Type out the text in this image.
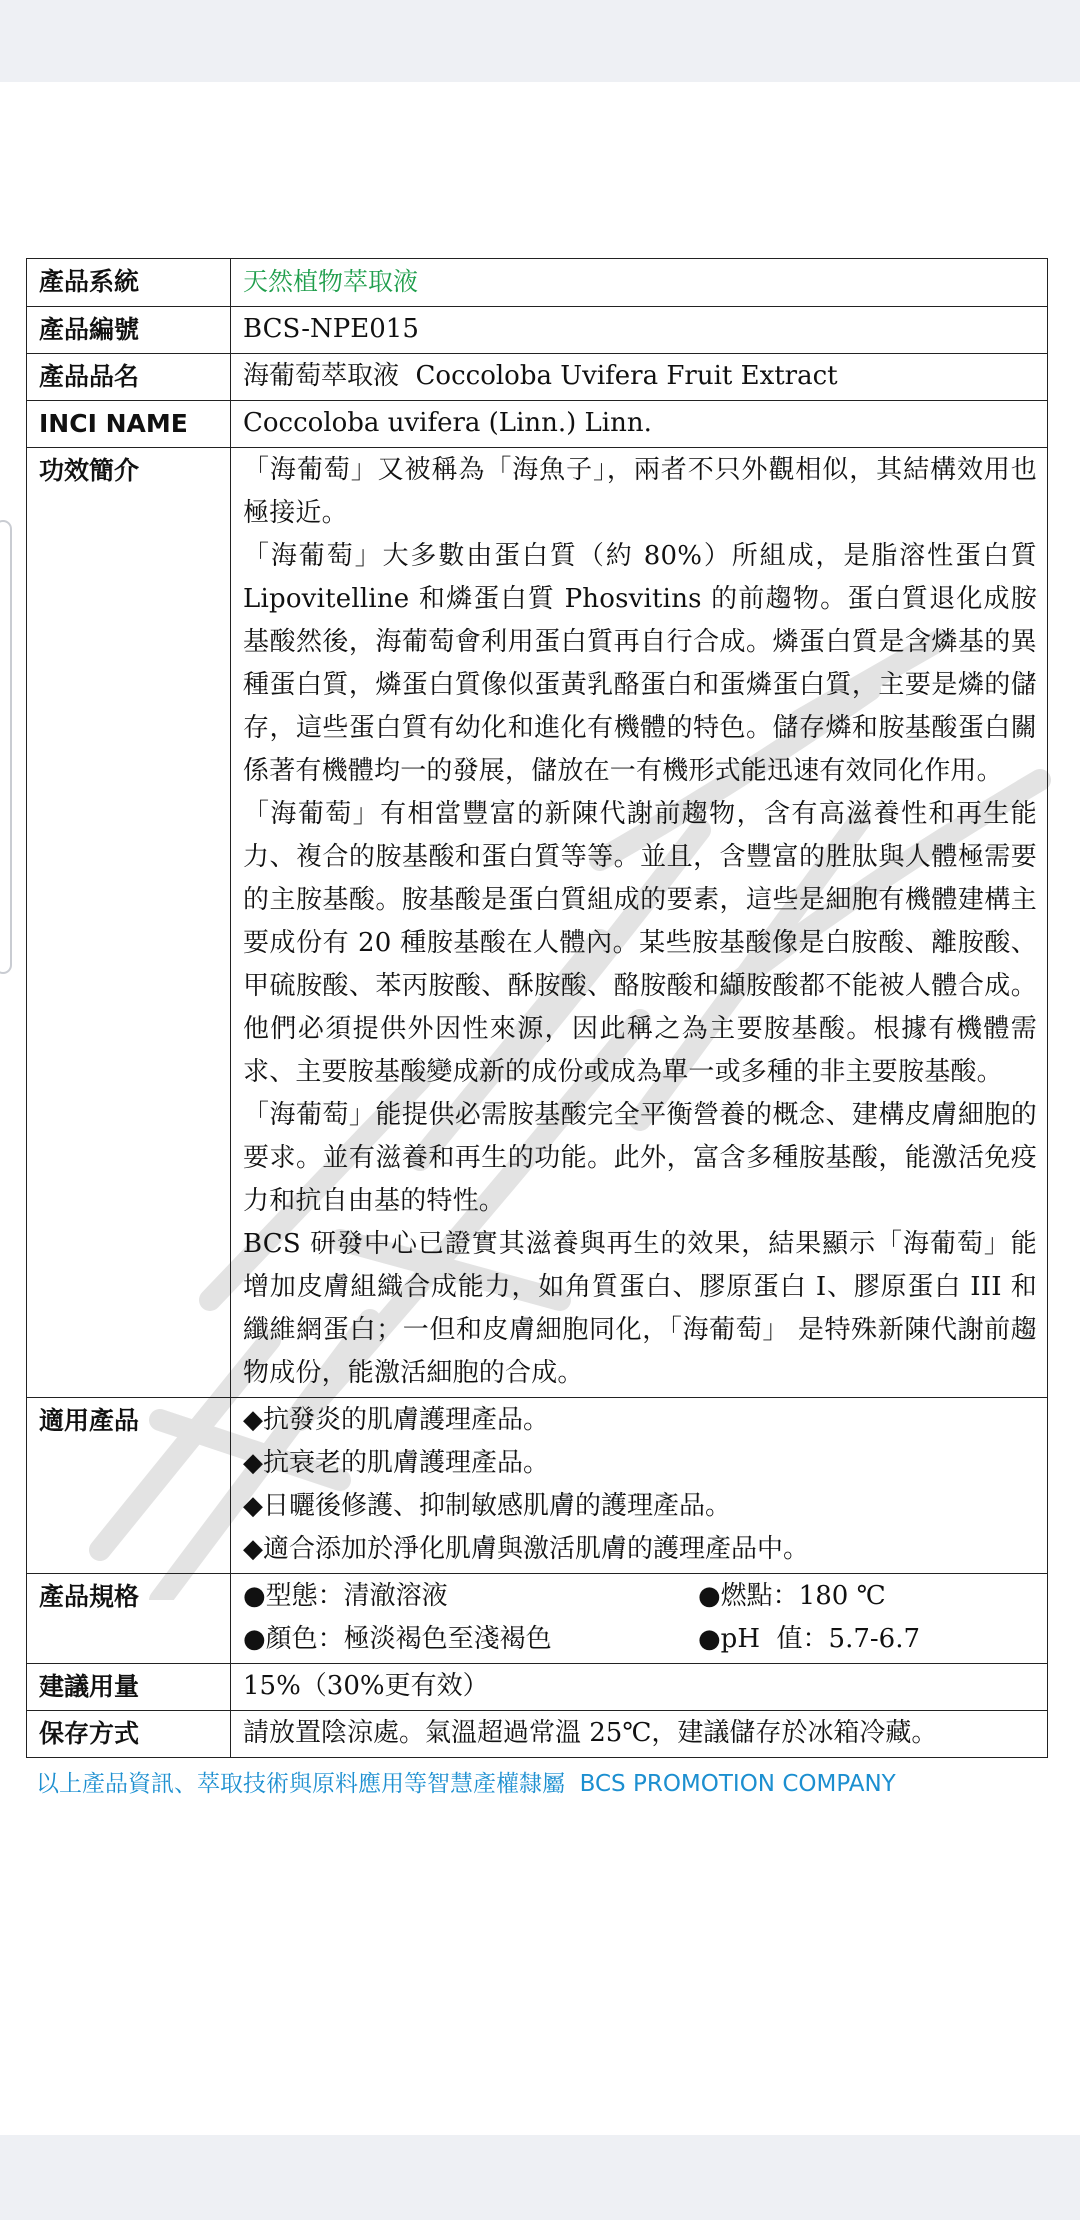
產品系統	天然植物萃取液
產品編號	BCS-NPE015
產品品名	海葡萄萃取液  Coccoloba Uvifera Fruit Extract
INCI NAME	Coccoloba uvifera (Linn.) Linn.
功效簡介	「海葡萄」又被稱為「海魚子」，兩者不只外觀相似，其結構效用也極接近。

「海葡萄」大多數由蛋白質（約 80%）所組成，是脂溶性蛋白質 Lipovitelline 和燐蛋白質 Phosvitins 的前趨物。蛋白質退化成胺基酸然後，海葡萄會利用蛋白質再自行合成。燐蛋白質是含燐基的異種蛋白質，燐蛋白質像似蛋黃乳酪蛋白和蛋燐蛋白質，主要是燐的儲存，這些蛋白質有幼化和進化有機體的特色。儲存燐和胺基酸蛋白關係著有機體均一的發展，儲放在一有機形式能迅速有效同化作用。

「海葡萄」有相當豐富的新陳代謝前趨物，含有高滋養性和再生能力、複合的胺基酸和蛋白質等等。並且，含豐富的胜肽與人體極需要的主胺基酸。胺基酸是蛋白質組成的要素，這些是細胞有機體建構主要成份有 20 種胺基酸在人體內。某些胺基酸像是白胺酸、離胺酸、甲硫胺酸、苯丙胺酸、酥胺酸、酪胺酸和纈胺酸都不能被人體合成。他們必須提供外因性來源，因此稱之為主要胺基酸。根據有機體需求、主要胺基酸變成新的成份或成為單一或多種的非主要胺基酸。

「海葡萄」能提供必需胺基酸完全平衡營養的概念、建構皮膚細胞的要求。並有滋養和再生的功能。此外，富含多種胺基酸，能激活免疫力和抗自由基的特性。

BCS 研發中心已證實其滋養與再生的效果，結果顯示「海葡萄」能增加皮膚組織合成能力，如角質蛋白、膠原蛋白 I、膠原蛋白 III 和纖維網蛋白；一但和皮膚細胞同化，「海葡萄」 是特殊新陳代謝前趨物成份，能激活細胞的合成。

適用產品	◆抗發炎的肌膚護理產品。

◆抗衰老的肌膚護理產品。

◆日曬後修護、抑制敏感肌膚的護理產品。

◆適合添加於淨化肌膚與激活肌膚的護理產品中。

產品規格	●型態：清澈溶液 ●燃點：180 ℃
●顏色：極淡褐色至淺褐色 ●pH  值：5.7-6.7

建議用量	15%（30%更有效）
保存方式	請放置陰涼處。氣溫超過常溫 25℃，建議儲存於冰箱冷藏。
以上產品資訊、萃取技術與原料應用等智慧產權隸屬  BCS PROMOTION COMPANY
